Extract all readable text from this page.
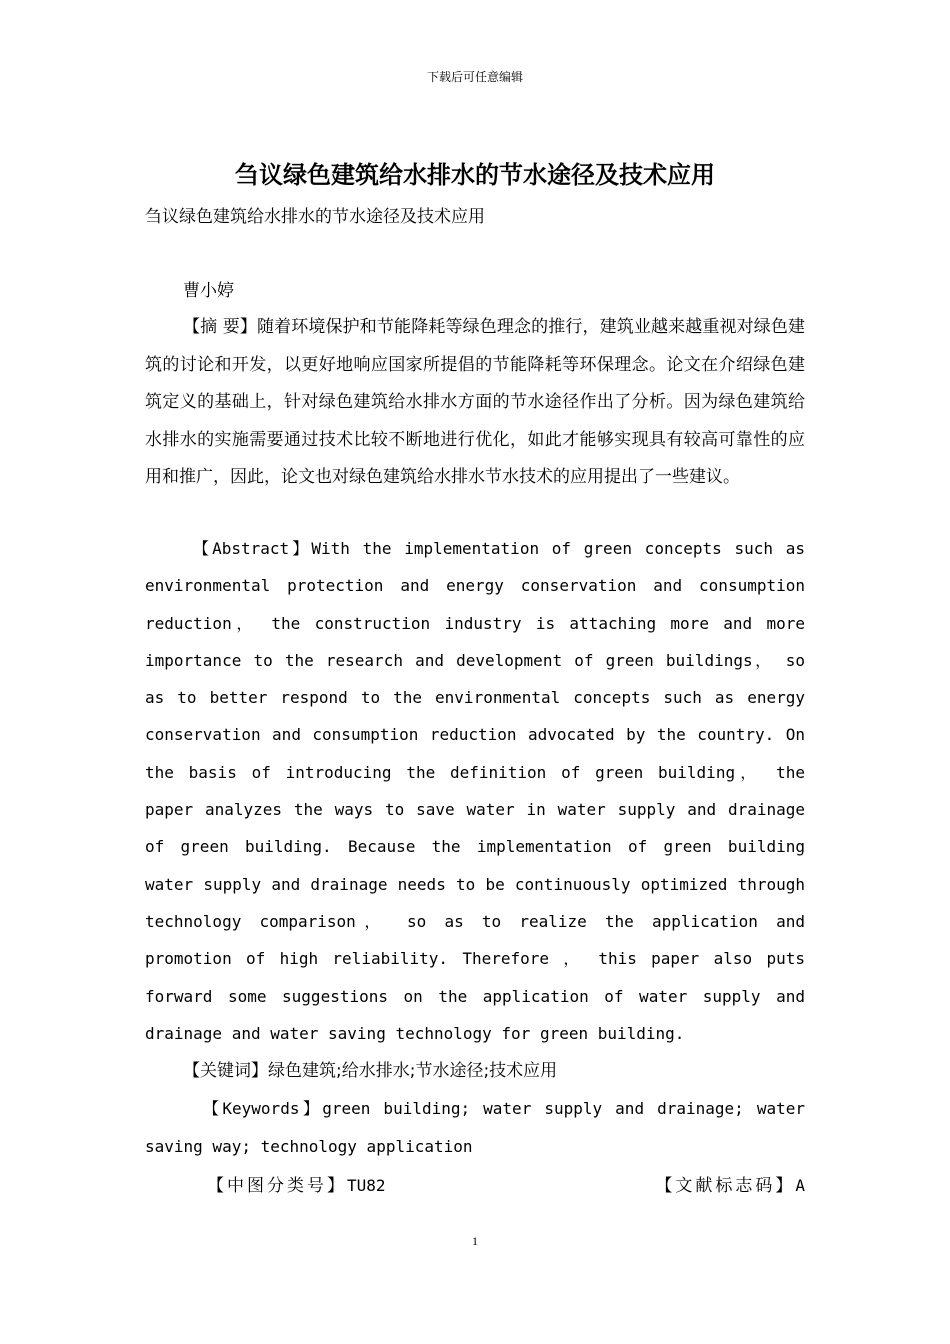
下载后可任意编辑
刍议绿色建筑给水排水的节水途径及技术应用
刍议绿色建筑给水排水的节水途径及技术应用
曹小婷
【摘 要】随着环境保护和节能降耗等绿色理念的推行，建筑业越来越重视对绿色建筑的讨论和开发，以更好地响应国家所提倡的节能降耗等环保理念。论文在介绍绿色建筑定义的基础上，针对绿色建筑给水排水方面的节水途径作出了分析。因为绿色建筑给水排水的实施需要通过技术比较不断地进行优化，如此才能够实现具有较高可靠性的应用和推广，因此，论文也对绿色建筑给水排水节水技术的应用提出了一些建议。
【Abstract】With the implementation of green concepts such as environmental protection and energy conservation and consumption reduction， the construction industry is attaching more and more importance to the research and development of green buildings， so as to better respond to the environmental concepts such as energy conservation and consumption reduction advocated by the country. On the basis of introducing the definition of green building， the paper analyzes the ways to save water in water supply and drainage of green building. Because the implementation of green building water supply and drainage needs to be continuously optimized through technology comparison， so as to realize the application and promotion of high reliability. Therefore ， this paper also puts forward some suggestions on the application of water supply and drainage and water saving technology for green building.
【关键词】绿色建筑;给水排水;节水途径;技术应用
【Keywords】green building; water supply and drainage; water saving way; technology application
【中图分类号】TU82	【文献标志码】A
1
